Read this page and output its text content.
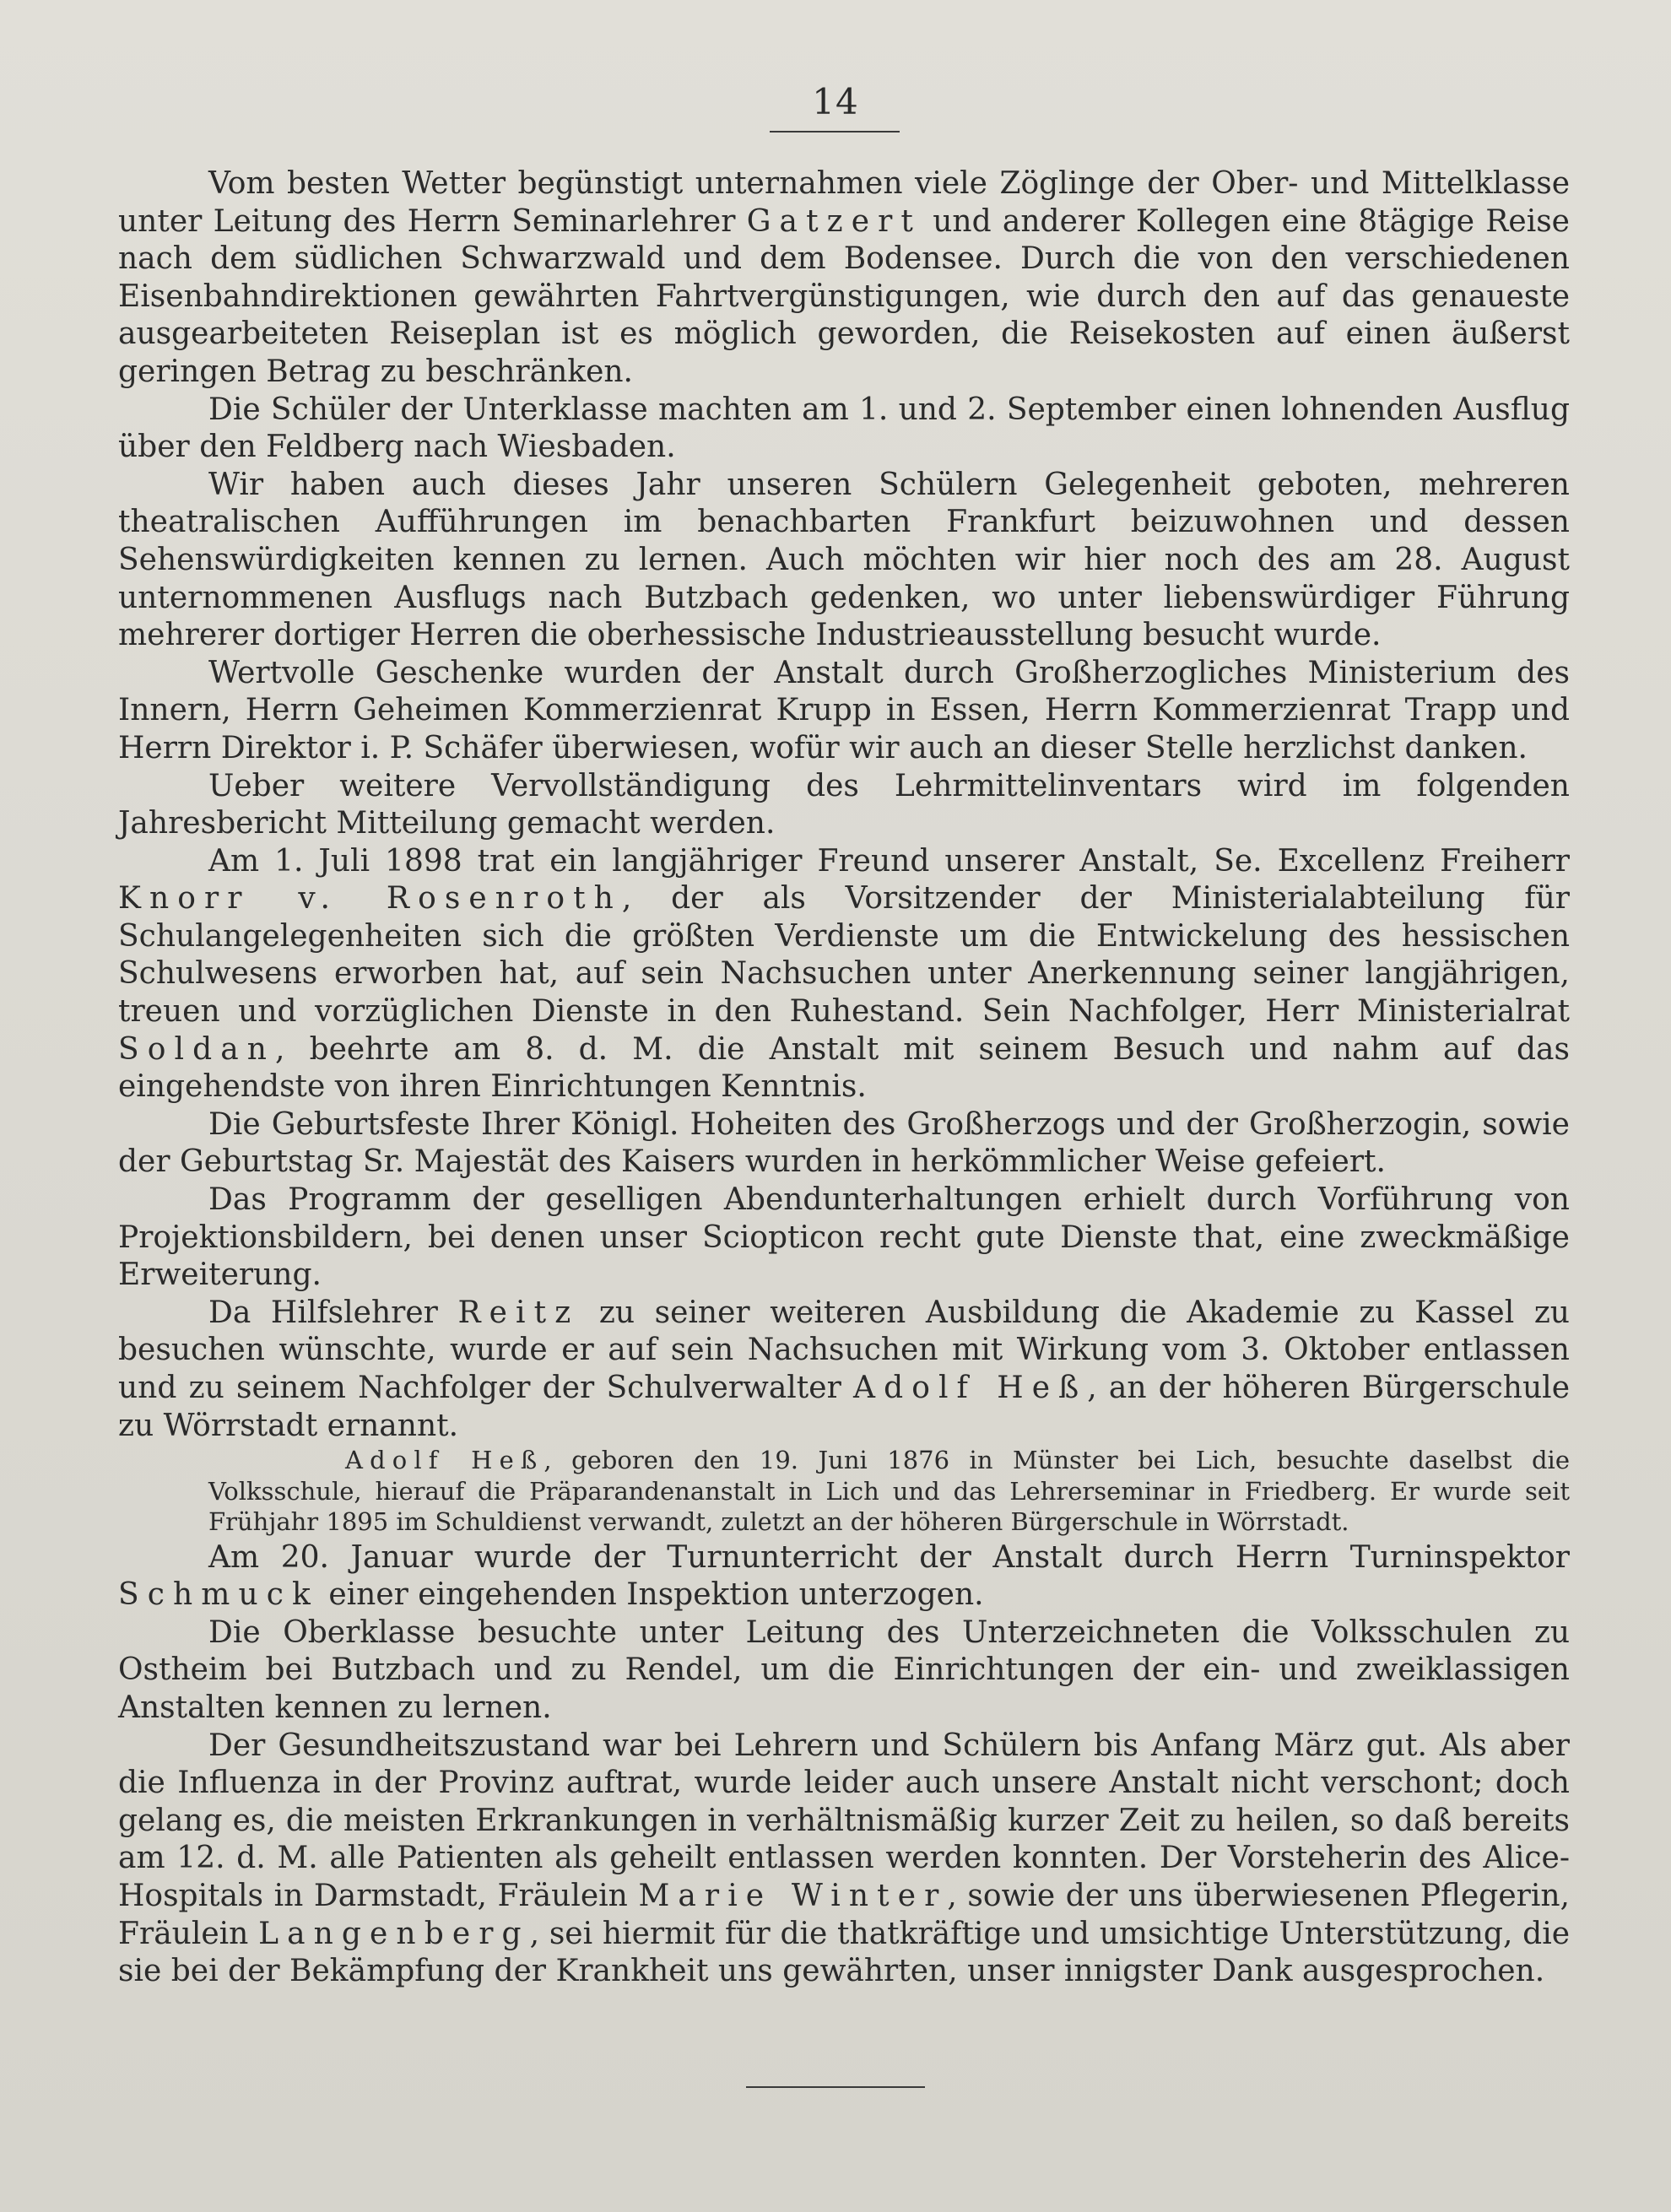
14

Vom besten Wetter begünstigt unternahmen viele Zöglinge der Ober- und Mittelklasse unter Leitung des Herrn Seminarlehrer Gatzert und anderer Kollegen eine 8tägige Reise nach dem südlichen Schwarzwald und dem Bodensee. Durch die von den verschiedenen Eisenbahndirektionen gewährten Fahrtvergünstigungen, wie durch den auf das genaueste ausgearbeiteten Reiseplan ist es möglich geworden, die Reisekosten auf einen äußerst geringen Betrag zu beschränken.

Die Schüler der Unterklasse machten am 1. und 2. September einen lohnenden Ausflug über den Feldberg nach Wiesbaden.

Wir haben auch dieses Jahr unseren Schülern Gelegenheit geboten, mehreren theatralischen Aufführungen im benachbarten Frankfurt beizuwohnen und dessen Sehenswürdigkeiten kennen zu lernen. Auch möchten wir hier noch des am 28. August unternommenen Ausflugs nach Butzbach gedenken, wo unter liebenswürdiger Führung mehrerer dortiger Herren die oberhessische Industrieausstellung besucht wurde.

Wertvolle Geschenke wurden der Anstalt durch Großherzogliches Ministerium des Innern, Herrn Geheimen Kommerzienrat Krupp in Essen, Herrn Kommerzienrat Trapp und Herrn Direktor i. P. Schäfer überwiesen, wofür wir auch an dieser Stelle herzlichst danken.

Ueber weitere Vervollständigung des Lehrmittelinventars wird im folgenden Jahresbericht Mitteilung gemacht werden.

Am 1. Juli 1898 trat ein langjähriger Freund unserer Anstalt, Se. Excellenz Freiherr Knorr v. Rosenroth, der als Vorsitzender der Ministerialabteilung für Schulangelegenheiten sich die größten Verdienste um die Entwickelung des hessischen Schulwesens erworben hat, auf sein Nachsuchen unter Anerkennung seiner langjährigen, treuen und vorzüglichen Dienste in den Ruhestand. Sein Nachfolger, Herr Ministerialrat Soldan, beehrte am 8. d. M. die Anstalt mit seinem Besuch und nahm auf das eingehendste von ihren Einrichtungen Kenntnis.

Die Geburtsfeste Ihrer Königl. Hoheiten des Großherzogs und der Großherzogin, sowie der Geburtstag Sr. Majestät des Kaisers wurden in herkömmlicher Weise gefeiert.

Das Programm der geselligen Abendunterhaltungen erhielt durch Vorführung von Projektionsbildern, bei denen unser Sciopticon recht gute Dienste that, eine zweckmäßige Erweiterung.

Da Hilfslehrer Reitz zu seiner weiteren Ausbildung die Akademie zu Kassel zu besuchen wünschte, wurde er auf sein Nachsuchen mit Wirkung vom 3. Oktober entlassen und zu seinem Nachfolger der Schulverwalter Adolf Heß, an der höheren Bürgerschule zu Wörrstadt ernannt.

Adolf Heß, geboren den 19. Juni 1876 in Münster bei Lich, besuchte daselbst die Volksschule, hierauf die Präparandenanstalt in Lich und das Lehrerseminar in Friedberg. Er wurde seit Frühjahr 1895 im Schuldienst verwandt, zuletzt an der höheren Bürgerschule in Wörrstadt.

Am 20. Januar wurde der Turnunterricht der Anstalt durch Herrn Turninspektor Schmuck einer eingehenden Inspektion unterzogen.

Die Oberklasse besuchte unter Leitung des Unterzeichneten die Volksschulen zu Ostheim bei Butzbach und zu Rendel, um die Einrichtungen der ein- und zweiklassigen Anstalten kennen zu lernen.

Der Gesundheitszustand war bei Lehrern und Schülern bis Anfang März gut. Als aber die Influenza in der Provinz auftrat, wurde leider auch unsere Anstalt nicht verschont; doch gelang es, die meisten Erkrankungen in verhältnismäßig kurzer Zeit zu heilen, so daß bereits am 12. d. M. alle Patienten als geheilt entlassen werden konnten. Der Vorsteherin des Alice-Hospitals in Darmstadt, Fräulein Marie Winter, sowie der uns überwiesenen Pflegerin, Fräulein Langenberg, sei hiermit für die thatkräftige und umsichtige Unterstützung, die sie bei der Bekämpfung der Krankheit uns gewährten, unser innigster Dank ausgesprochen.
